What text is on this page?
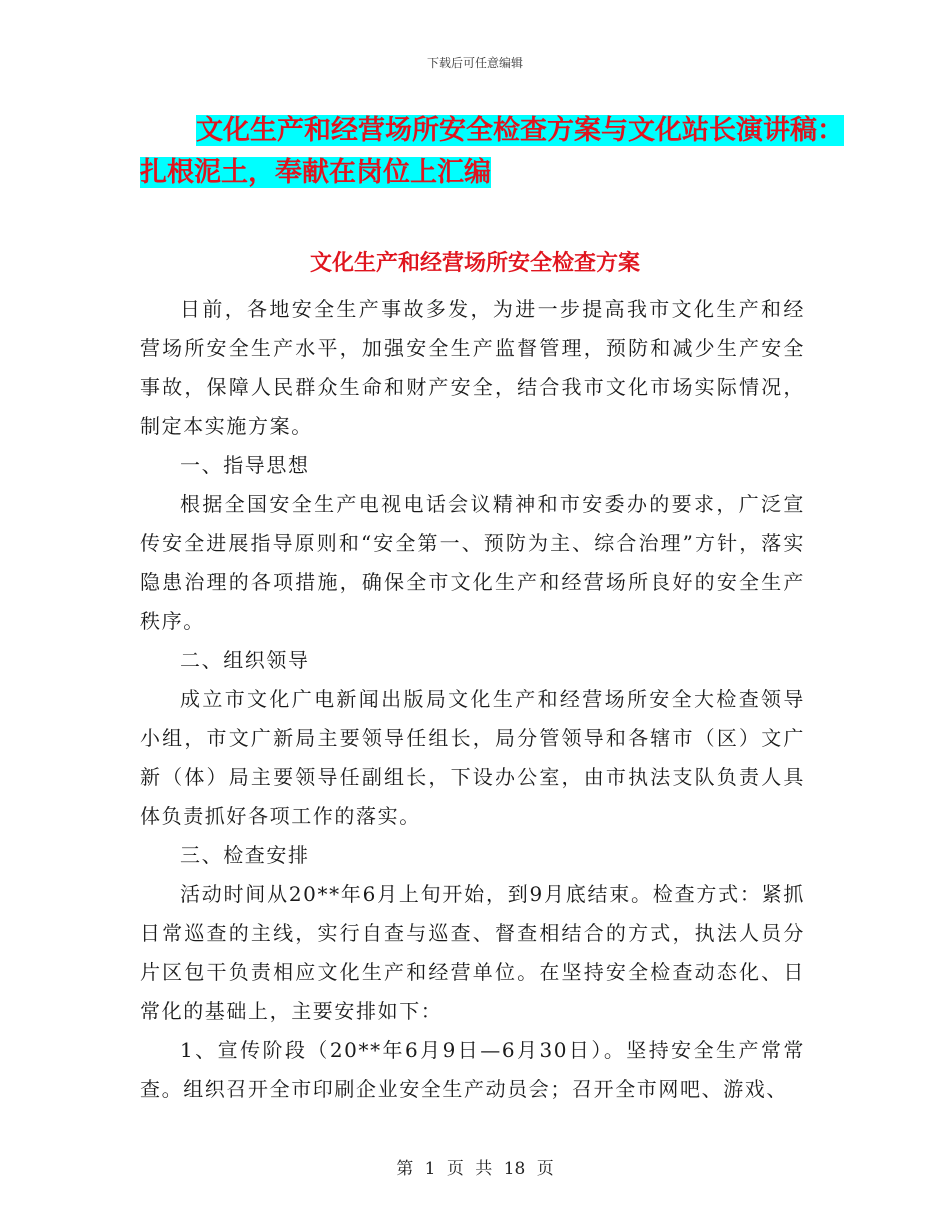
下载后可任意编辑
文化生产和经营场所安全检查方案与文化站长演讲稿：
扎根泥土，奉献在岗位上汇编
文化生产和经营场所安全检查方案

日前，各地安全生产事故多发，为进一步提高我市文化生产和经营场所安全生产水平，加强安全生产监督管理，预防和减少生产安全事故，保障人民群众生命和财产安全，结合我市文化市场实际情况，制定本实施方案。

一、指导思想

根据全国安全生产电视电话会议精神和市安委办的要求，广泛宣传安全进展指导原则和“安全第一、预防为主、综合治理”方针，落实隐患治理的各项措施，确保全市文化生产和经营场所良好的安全生产秩序。

二、组织领导

成立市文化广电新闻出版局文化生产和经营场所安全大检查领导小组，市文广新局主要领导任组长，局分管领导和各辖市（区）文广新（体）局主要领导任副组长，下设办公室，由市执法支队负责人具体负责抓好各项工作的落实。

三、检查安排

活动时间从20**年6月上旬开始，到9月底结束。检查方式：紧抓日常巡查的主线，实行自查与巡查、督查相结合的方式，执法人员分片区包干负责相应文化生产和经营单位。在坚持安全检查动态化、日常化的基础上，主要安排如下：

1、宣传阶段（20**年6月9日—6月30日）。坚持安全生产常常查。组织召开全市印刷企业安全生产动员会；召开全市网吧、游戏、

第 1 页 共 18 页
